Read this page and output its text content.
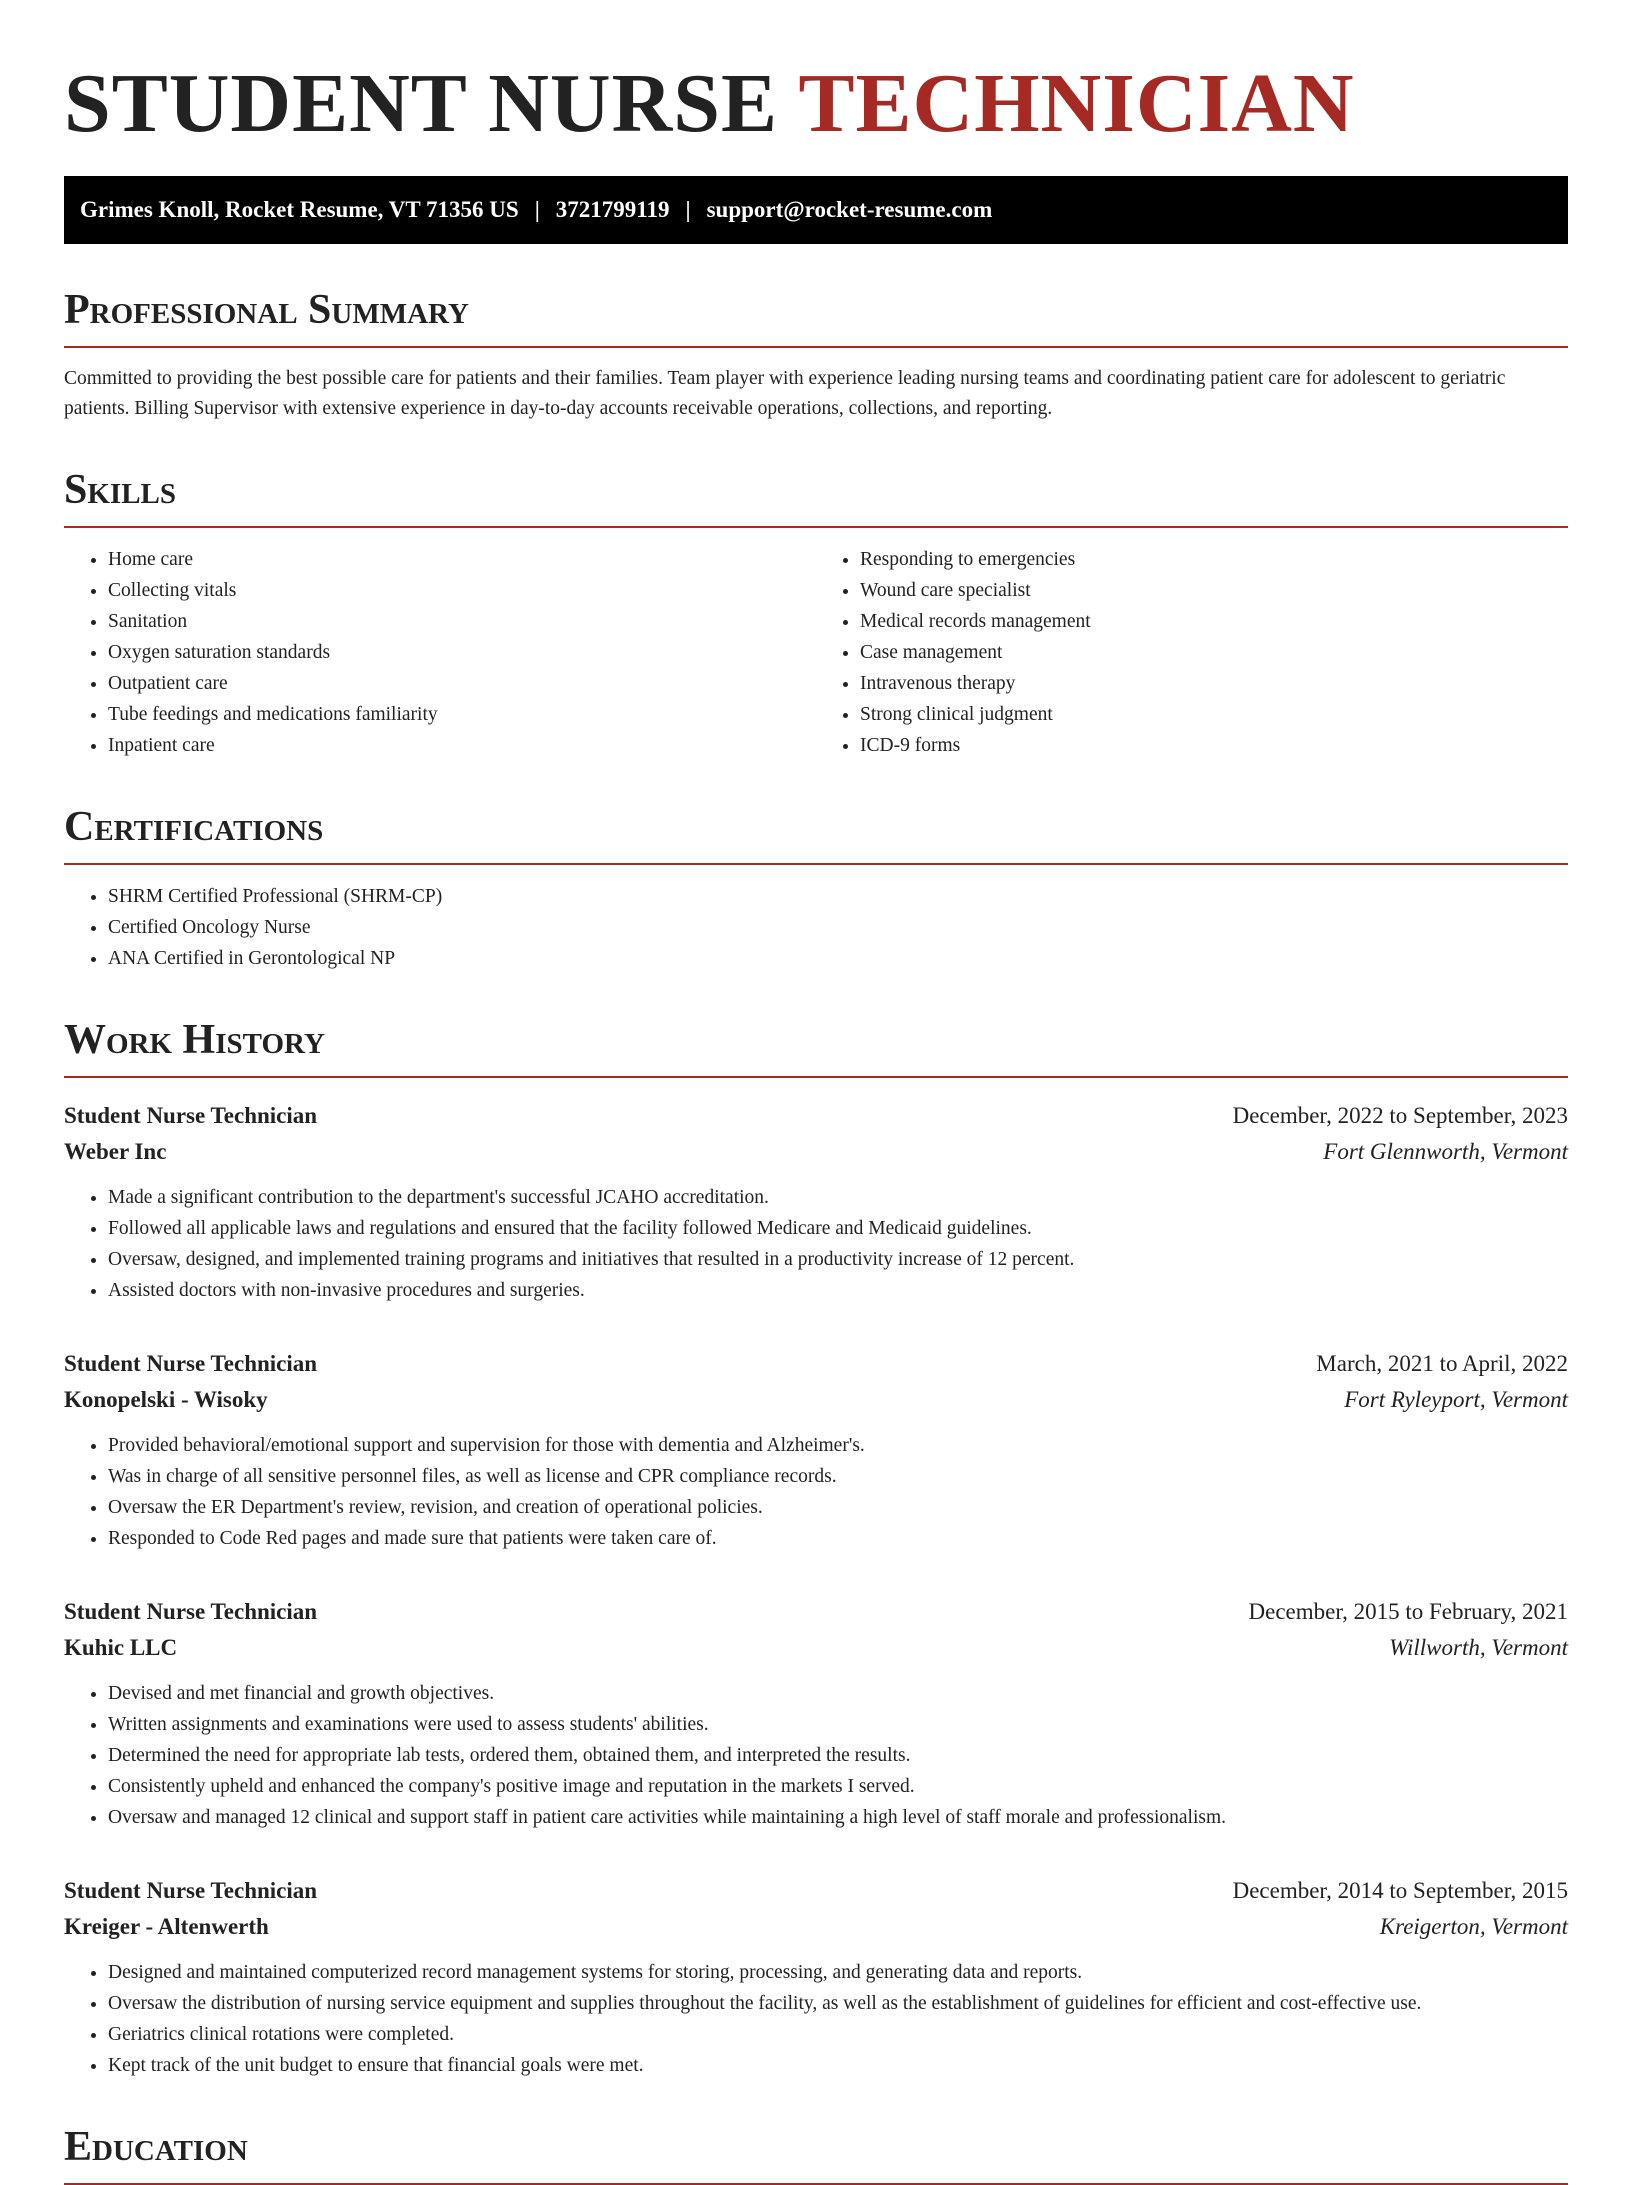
STUDENT NURSE TECHNICIAN
Grimes Knoll, Rocket Resume, VT 71356 US | 3721799119 | support@rocket-resume.com
Professional Summary

Committed to providing the best possible care for patients and their families. Team player with experience leading nursing teams and coordinating patient care for adolescent to geriatric patients. Billing Supervisor with extensive experience in day-to-day accounts receivable operations, collections, and reporting.

Skills
• Home care
• Collecting vitals
• Sanitation
• Oxygen saturation standards
• Outpatient care
• Tube feedings and medications familiarity
• Inpatient care
• Responding to emergencies
• Wound care specialist
• Medical records management
• Case management
• Intravenous therapy
• Strong clinical judgment
• ICD-9 forms
Certifications
• SHRM Certified Professional (SHRM-CP)
• Certified Oncology Nurse
• ANA Certified in Gerontological NP
Work History
Student Nurse Technician	December, 2022 to September, 2023
Weber Inc	Fort Glennworth, Vermont
• Made a significant contribution to the department's successful JCAHO accreditation.
• Followed all applicable laws and regulations and ensured that the facility followed Medicare and Medicaid guidelines.
• Oversaw, designed, and implemented training programs and initiatives that resulted in a productivity increase of 12 percent.
• Assisted doctors with non-invasive procedures and surgeries.
Student Nurse Technician	March, 2021 to April, 2022
Konopelski - Wisoky	Fort Ryleyport, Vermont
• Provided behavioral/emotional support and supervision for those with dementia and Alzheimer's.
• Was in charge of all sensitive personnel files, as well as license and CPR compliance records.
• Oversaw the ER Department's review, revision, and creation of operational policies.
• Responded to Code Red pages and made sure that patients were taken care of.
Student Nurse Technician	December, 2015 to February, 2021
Kuhic LLC	Willworth, Vermont
• Devised and met financial and growth objectives.
• Written assignments and examinations were used to assess students' abilities.
• Determined the need for appropriate lab tests, ordered them, obtained them, and interpreted the results.
• Consistently upheld and enhanced the company's positive image and reputation in the markets I served.
• Oversaw and managed 12 clinical and support staff in patient care activities while maintaining a high level of staff morale and professionalism.
Student Nurse Technician	December, 2014 to September, 2015
Kreiger - Altenwerth	Kreigerton, Vermont
• Designed and maintained computerized record management systems for storing, processing, and generating data and reports.
• Oversaw the distribution of nursing service equipment and supplies throughout the facility, as well as the establishment of guidelines for efficient and cost-effective use.
• Geriatrics clinical rotations were completed.
• Kept track of the unit budget to ensure that financial goals were met.
Education
